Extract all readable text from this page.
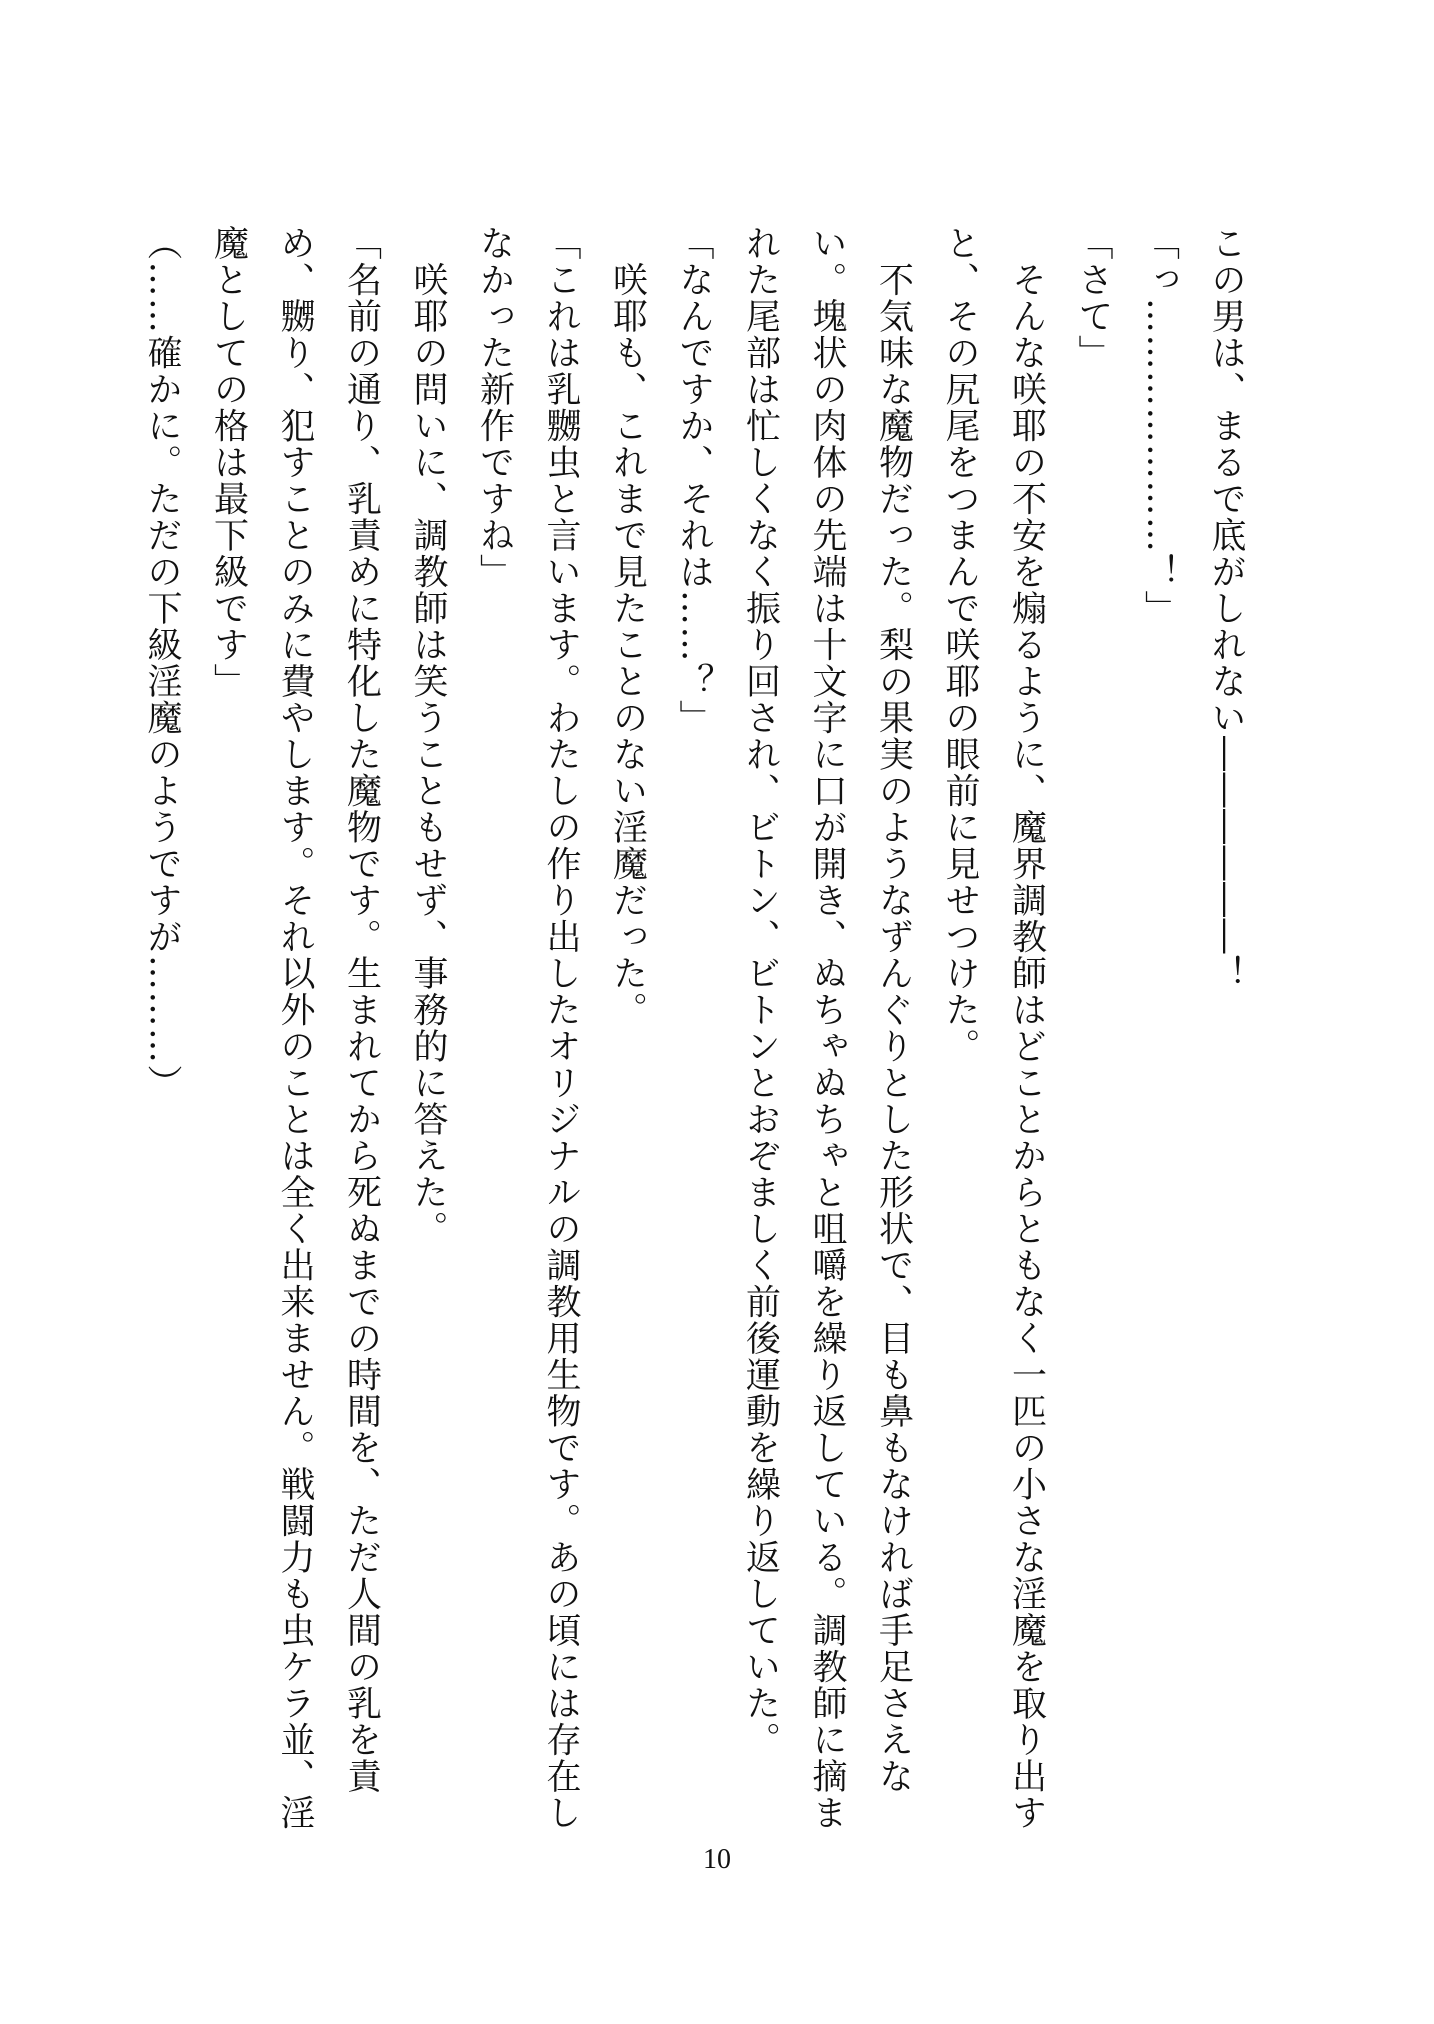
この男は、まるで底がしれない――――――！

「っ…………………！」

「さて」

　そんな咲耶の不安を煽るように、魔界調教師はどことからともなく一匹の小さな淫魔を取り出すと、その尻尾をつまんで咲耶の眼前に見せつけた。

　不気味な魔物だった。梨の果実のようなずんぐりとした形状で、目も鼻もなければ手足さえない。塊状の肉体の先端は十文字に口が開き、ぬちゃぬちゃと咀嚼を繰り返している。調教師に摘まれた尾部は忙しくなく振り回され、ビトン、ビトンとおぞましく前後運動を繰り返していた。

「なんですか、それは……？」

　咲耶も、これまで見たことのない淫魔だった。

「これは乳嬲虫と言います。わたしの作り出したオリジナルの調教用生物です。あの頃には存在しなかった新作ですね」

　咲耶の問いに、調教師は笑うこともせず、事務的に答えた。

「名前の通り、乳責めに特化した魔物です。生まれてから死ぬまでの時間を、ただ人間の乳を責め、嬲り、犯すことのみに費やします。それ以外のことは全く出来ません。戦闘力も虫ケラ並、淫魔としての格は最下級です」

（……確かに。ただの下級淫魔のようですが………）

10
